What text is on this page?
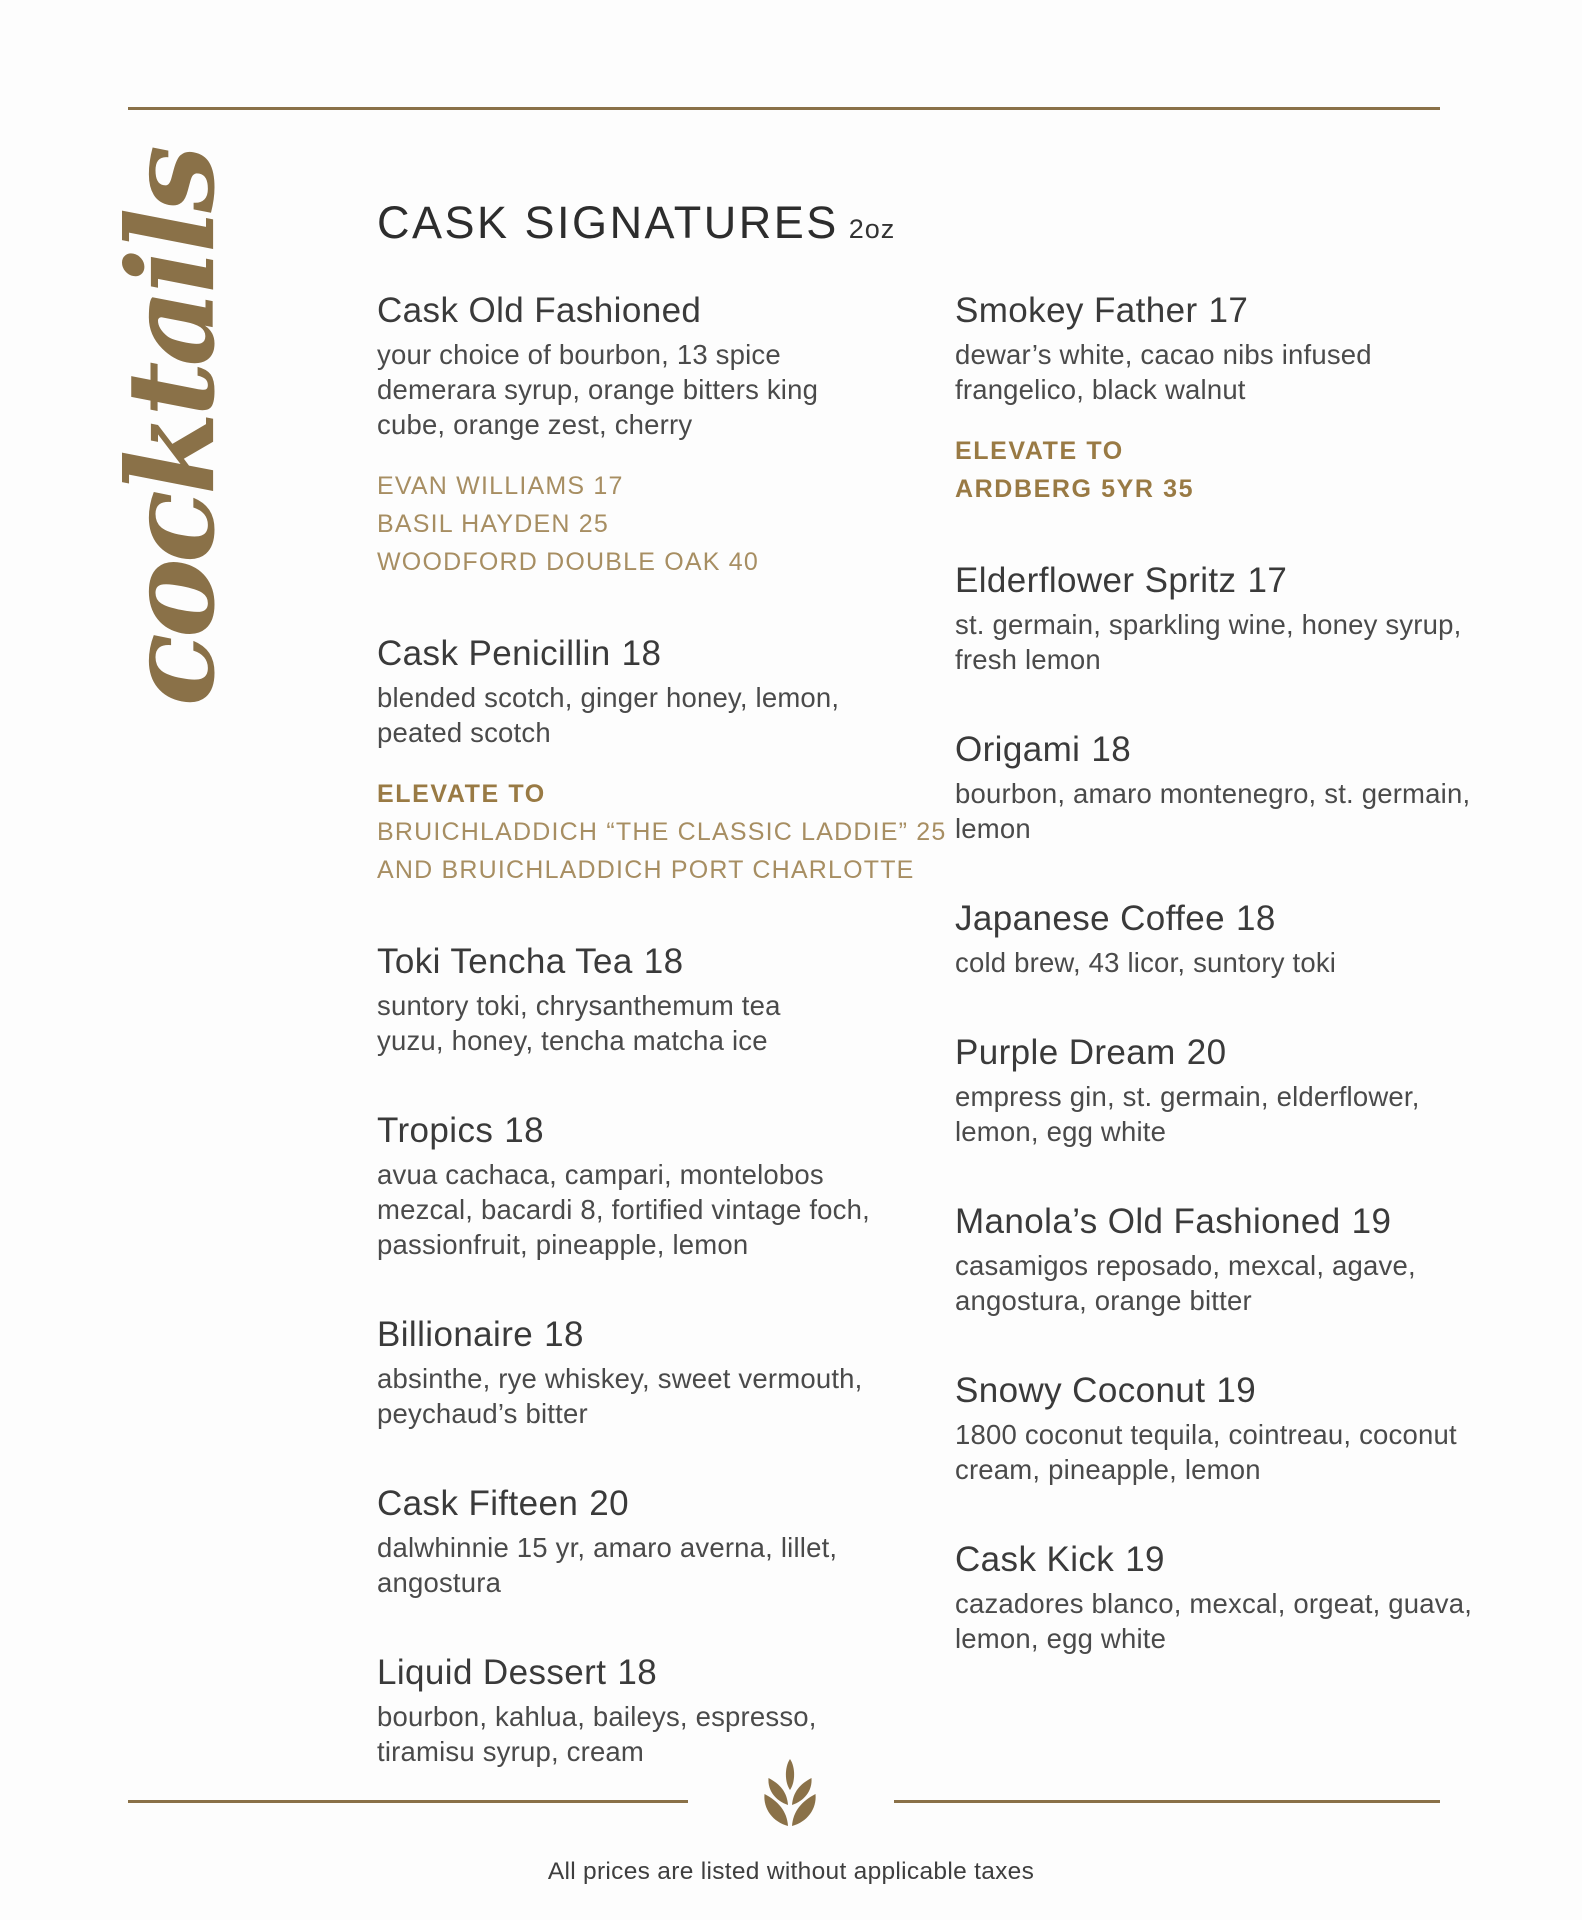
cocktails	CASK SIGNATURES 2oz
Cask Old Fashioned
your choice of bourbon, 13 spice
demerara syrup, orange bitters king
cube, orange zest, cherry
EVAN WILLIAMS 17
BASIL HAYDEN 25
WOODFORD DOUBLE OAK 40
Cask Penicillin 18
blended scotch, ginger honey, lemon,
peated scotch
ELEVATE TO
BRUICHLADDICH “THE CLASSIC LADDIE” 25
AND BRUICHLADDICH PORT CHARLOTTE
Toki Tencha Tea 18
suntory toki, chrysanthemum tea
yuzu, honey, tencha matcha ice
Tropics 18
avua cachaca, campari, montelobos
mezcal, bacardi 8, fortified vintage foch,
passionfruit, pineapple, lemon
Billionaire 18
absinthe, rye whiskey, sweet vermouth,
peychaud’s bitter
Cask Fifteen 20
dalwhinnie 15 yr, amaro averna, lillet,
angostura
Liquid Dessert 18
bourbon, kahlua, baileys, espresso,
tiramisu syrup, cream
Smokey Father 17
dewar’s white, cacao nibs infused
frangelico, black walnut
ELEVATE TO
ARDBERG 5YR 35
Elderflower Spritz 17
st. germain, sparkling wine, honey syrup,
fresh lemon
Origami 18
bourbon, amaro montenegro, st. germain,
lemon
Japanese Coffee 18
cold brew, 43 licor, suntory toki
Purple Dream 20
empress gin, st. germain, elderflower,
lemon, egg white
Manola’s Old Fashioned 19
casamigos reposado, mexcal, agave,
angostura, orange bitter
Snowy Coconut 19
1800 coconut tequila, cointreau, coconut
cream, pineapple, lemon
Cask Kick 19
cazadores blanco, mexcal, orgeat, guava,
lemon, egg white
All prices are listed without applicable taxes
